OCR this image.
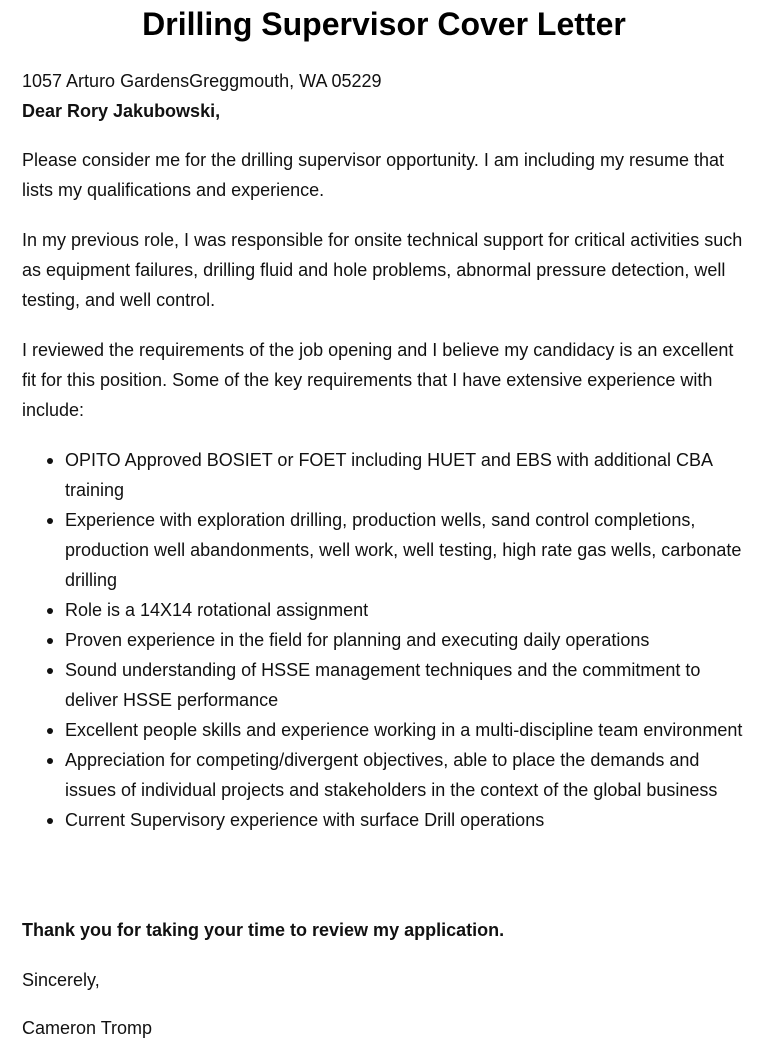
Drilling Supervisor Cover Letter

1057 Arturo GardensGreggmouth, WA 05229

Dear Rory Jakubowski,

Please consider me for the drilling supervisor opportunity. I am including my resume that lists my qualifications and experience.

In my previous role, I was responsible for onsite technical support for critical activities such as equipment failures, drilling fluid and hole problems, abnormal pressure detection, well testing, and well control.

I reviewed the requirements of the job opening and I believe my candidacy is an excellent fit for this position. Some of the key requirements that I have extensive experience with include:

OPITO Approved BOSIET or FOET including HUET and EBS with additional CBA training
Experience with exploration drilling, production wells, sand control completions, production well abandonments, well work, well testing, high rate gas wells, carbonate drilling
Role is a 14X14 rotational assignment
Proven experience in the field for planning and executing daily operations
Sound understanding of HSSE management techniques and the commitment to deliver HSSE performance
Excellent people skills and experience working in a multi-discipline team environment
Appreciation for competing/divergent objectives, able to place the demands and issues of individual projects and stakeholders in the context of the global business
Current Supervisory experience with surface Drill operations

Thank you for taking your time to review my application.

Sincerely,

Cameron Tromp
